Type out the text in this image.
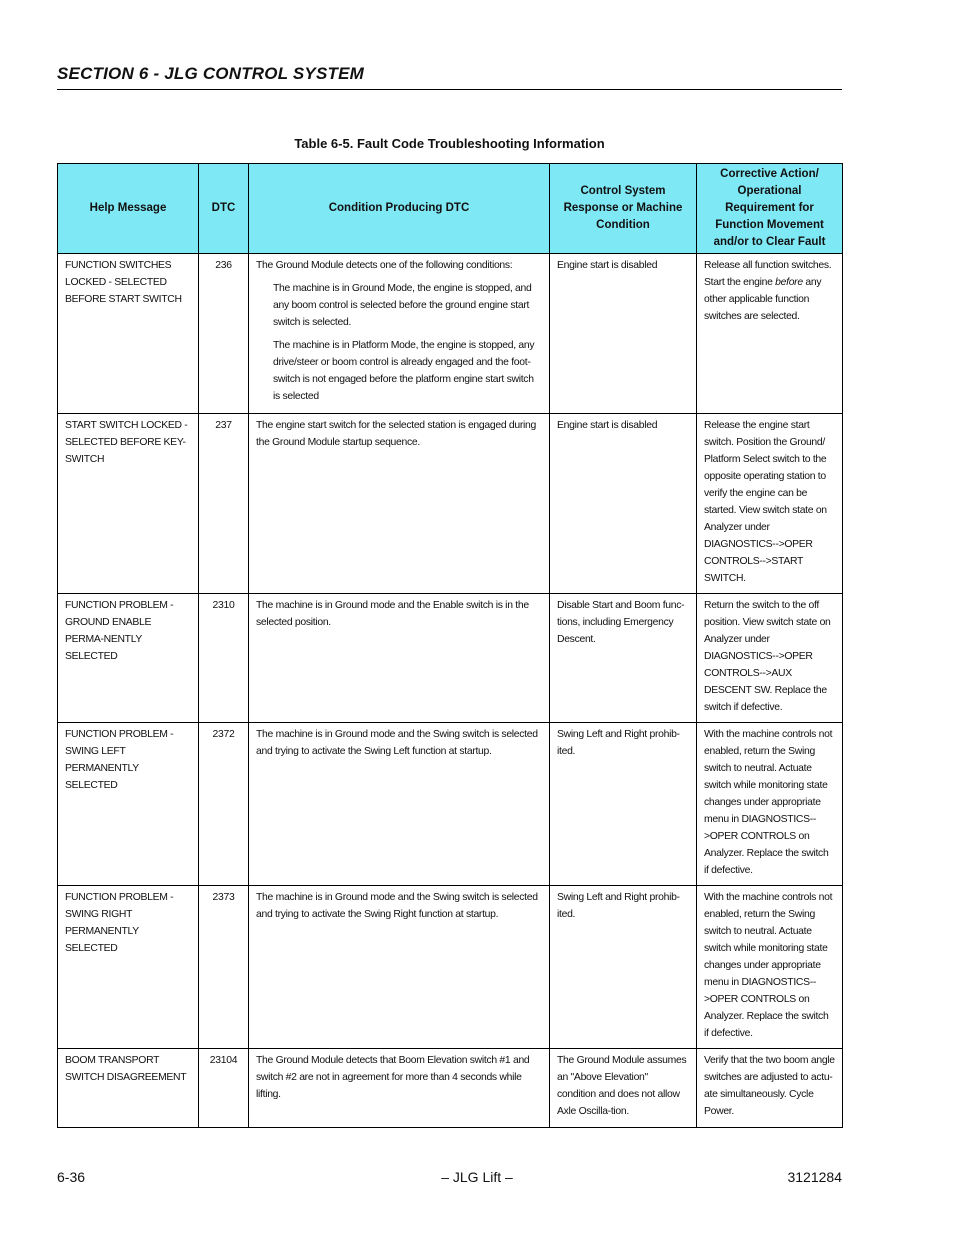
SECTION 6 - JLG CONTROL SYSTEM
Table 6-5. Fault Code Troubleshooting Information
Help Message	DTC	Condition Producing DTC	Control System Response or Machine Condition	Corrective Action/ Operational Requirement for Function Movement and/or to Clear Fault
FUNCTION SWITCHES LOCKED - SELECTED BEFORE START SWITCH	236	The Ground Module detects one of the following conditions:
The machine is in Ground Mode, the engine is stopped, and any boom control is selected before the ground engine start switch is selected.
The machine is in Platform Mode, the engine is stopped, any drive/steer or boom control is already engaged and the foot-switch is not engaged before the platform engine start switch is selected	Engine start is disabled	Release all function switches. Start the engine before any other applicable function switches are selected.
START SWITCH LOCKED - SELECTED BEFORE KEY-SWITCH	237	The engine start switch for the selected station is engaged during the Ground Module startup sequence.	Engine start is disabled	Release the engine start switch. Position the Ground/ Platform Select switch to the opposite operating station to verify the engine can be started. View switch state on Analyzer under DIAGNOSTICS-->OPER CONTROLS-->START SWITCH.
FUNCTION PROBLEM - GROUND ENABLE PERMA-NENTLY SELECTED	2310	The machine is in Ground mode and the Enable switch is in the selected position.	Disable Start and Boom func-tions, including Emergency Descent.	Return the switch to the off position. View switch state on Analyzer under DIAGNOSTICS-->OPER CONTROLS-->AUX DESCENT SW. Replace the switch if defective.
FUNCTION PROBLEM - SWING LEFT PERMANENTLY SELECTED	2372	The machine is in Ground mode and the Swing switch is selected and trying to activate the Swing Left function at startup.	Swing Left and Right prohib-ited.	With the machine controls not enabled, return the Swing switch to neutral. Actuate switch while monitoring state changes under appropriate menu in DIAGNOSTICS-->OPER CONTROLS on Analyzer. Replace the switch if defective.
FUNCTION PROBLEM - SWING RIGHT PERMANENTLY SELECTED	2373	The machine is in Ground mode and the Swing switch is selected and trying to activate the Swing Right function at startup.	Swing Left and Right prohib-ited.	With the machine controls not enabled, return the Swing switch to neutral. Actuate switch while monitoring state changes under appropriate menu in DIAGNOSTICS-->OPER CONTROLS on Analyzer. Replace the switch if defective.
BOOM TRANSPORT SWITCH DISAGREEMENT	23104	The Ground Module detects that Boom Elevation switch #1 and switch #2 are not in agreement for more than 4 seconds while lifting.	The Ground Module assumes an "Above Elevation" condition and does not allow Axle Oscilla-tion.	Verify that the two boom angle switches are adjusted to actu-ate simultaneously. Cycle Power.
6-36	– JLG Lift –	3121284
